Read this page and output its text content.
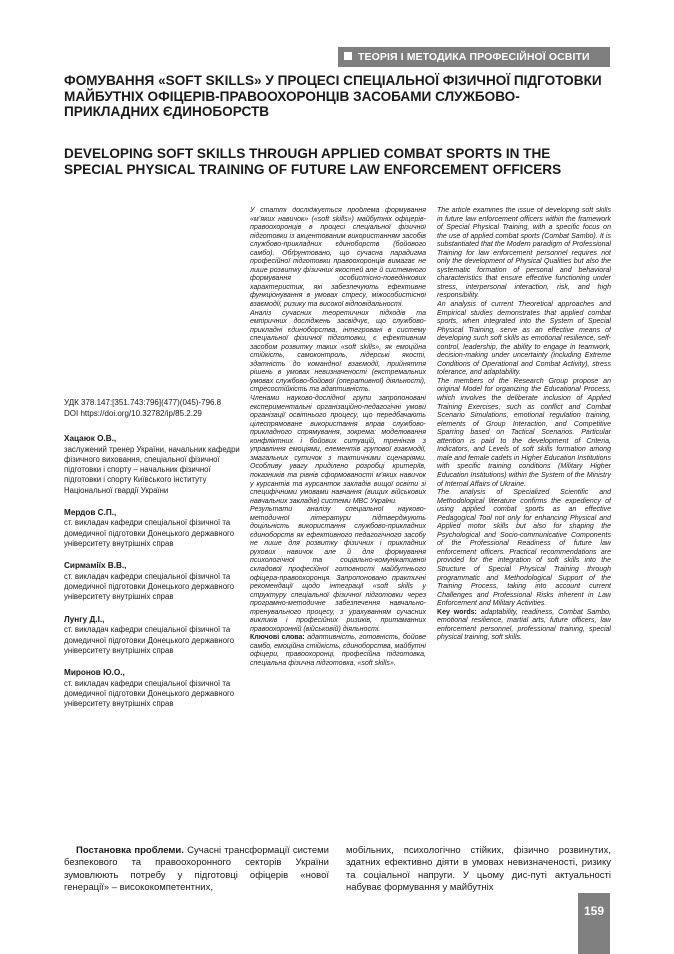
ТЕОРІЯ І МЕТОДИКА ПРОФЕСІЙНОЇ ОСВІТИ
ФОМУВАННЯ «SOFT SKILLS» У ПРОЦЕСІ СПЕЦІАЛЬНОЇ ФІЗИЧНОЇ ПІДГОТОВКИ МАЙБУТНІХ ОФІЦЕРІВ-ПРАВООХОРОНЦІВ ЗАСОБАМИ СЛУЖБОВО-ПРИКЛАДНИХ ЄДИНОБОРСТВ
DEVELOPING SOFT SKILLS THROUGH APPLIED COMBAT SPORTS IN THE SPECIAL PHYSICAL TRAINING OF FUTURE LAW ENFORCEMENT OFFICERS
УДК 378.147:[351.743:796](477)(045)-796.8
DOI https://doi.org/10.32782/ip/85.2.29
Хацаюк О.В.,
заслужений тренер України, начальник кафедри фізичного виховання, спеціальної фізичної підготовки і спорту – начальник фізичної підготовки і спорту Київського інституту Національної гвардії України
Мердов С.П.,
ст. викладач кафедри спеціальної фізичної та домедичної підготовки Донецького державного університету внутрішніх справ
Сирмаміїх В.В.,
ст. викладач кафедри спеціальної фізичної та домедичної підготовки Донецького державного університету внутрішніх справ
Лунгу Д.І.,
ст. викладач кафедри спеціальної фізичної та домедичної підготовки Донецького державного університету внутрішніх справ
Миронов Ю.О.,
ст. викладач кафедри спеціальної фізичної та домедичної підготовки Донецького державного університету внутрішніх справ
У статті досліджується проблема формування «м’яких навичок» («soft skills») майбутніх офіцерів-правоохоронців в процесі спеціальної фізичної підготовки із акцентованим використанням засобів службово-прикладних єдиноборств (бойового самбо). Обґрунтовано, що сучасна парадигма професійної підготовки правоохоронців вимагає не лише розвитку фізичних якостей але й системного формування особистісно-поведінкових характеристик, які забезпечують ефективне функціонування в умовах стресу, міжособистісної взаємодії, ризику та високої відповідальності.
Аналіз сучасних теоретичних підходів та емпіричних досліджень засвідчує, що службово-прикладні єдиноборства, інтегровані в систему спеціальної фізичної підготовки, є ефективним засобом розвитку таких «soft skills», як емоційна стійкість, самоконтроль, лідерські якості, здатність до командної взаємодії, прийняття рішень в умовах невизначеності (екстремальних умовах службово-бойової (оперативної) діяльності), стресостійкість та адаптивність.
Членами науково-дослідної групи запропоновані експериментальні організаційно-педагогічні умови організації освітнього процесу, що передбачають цілеспрямоване використання вправ службово-прикладного спрямування, зокрема: моделювання конфліктних і бойових ситуацій, тренінгів з управління емоціями, елементів групової взаємодії, змагальних сутичок з тактичними сценаріями. Особливу увагу приділено розробці критеріїв, показників та рівнів сформованості м’яких навичок у курсантів та курсанток закладів вищої освіти зі специфічними умовами навчання (вищих військових навчальних закладів) системи МВС України.
Результати аналізу спеціальної науково-методичної літератури підтверджують доцільність використання службово-прикладних єдиноборств як ефективного педагогічного засобу не лише для розвитку фізичних і прикладних рухових навичок але й для формування психологічної та соціально-комунікативної складової професійної готовності майбутнього офіцера-правоохоронця. Запропоновано практичні рекомендації щодо інтеграції «soft skills у структуру спеціальної фізичної підготовки через програмно-методичне забезпечення навчально-тренувального процесу, з урахуванням сучасних викликів і професійних ризиків, притаманних правоохоронній (військовій) діяльності.
Ключові слова: адаптивність, готовність, бойове самбо, емоційна стійкість, єдиноборства, майбутні офіцери, правоохоронці, професійна підготовка, спеціальна фізична підготовка, «soft skills».
The article examines the issue of developing soft skills in future law enforcement officers within the framework of Special Physical Training, with a specific focus on the use of applied combat sports (Combat Sambo). It is substantiated that the Modern paradigm of Professional Training for law enforcement personnel requires not only the development of Physical Qualities but also the systematic formation of personal and behavioral characteristics that ensure effective functioning under stress, interpersonal interaction, risk, and high responsibility.
An analysis of current Theoretical approaches and Empirical studies demonstrates that applied combat sports, when integrated into the System of Special Physical Training, serve as an effective means of developing such soft skills as emotional resilience, self-control, leadership, the ability to engage in teamwork, decision-making under uncertainty (including Extreme Conditions of Operational and Combat Activity), stress tolerance, and adaptability.
The members of the Research Group propose an original Model for organizing the Educational Process, which involves the deliberate inclusion of Applied Training Exercises, such as conflict and Combat Scenario Simulations, emotional regulation training, elements of Group Interaction, and Competitive Sparring based on Tactical Scenarios. Particular attention is paid to the development of Criteria, Indicators, and Levels of soft skills formation among male and female cadets in Higher Education Institutions with specific training conditions (Military Higher Education Institutions) within the System of the Ministry of Internal Affairs of Ukraine.
The analysis of Specialized Scientific and Methodological literature confirms the expediency of using applied combat sports as an effective Pedagogical Tool not only for enhancing Physical and Applied motor skills but also for shaping the Psychological and Socio-communicative Components of the Professional Readiness of future law enforcement officers. Practical recommendations are provided for the integration of soft skills into the Structure of Special Physical Training through programmatic and Methodological Support of the Training Process, taking into account current Challenges and Professional Risks inherent in Law Enforcement and Military Activities.
Key words: adaptability, readiness, Combat Sambo, emotional resilience, martial arts, future officers, law enforcement personnel, professional training, special physical training, soft skills.

Постановка проблеми. Сучасні трансформації системи безпекового та правоохоронного секторів України зумовлюють потребу у підготовці офіцерів «нової генерації» – висококомпетентних,

мобільних, психологічно стійких, фізично розвинутих, здатних ефективно діяти в умовах невизначеності, ризику та соціальної напруги. У цьому дис-путі актуальності набуває формування у майбутніх

159
